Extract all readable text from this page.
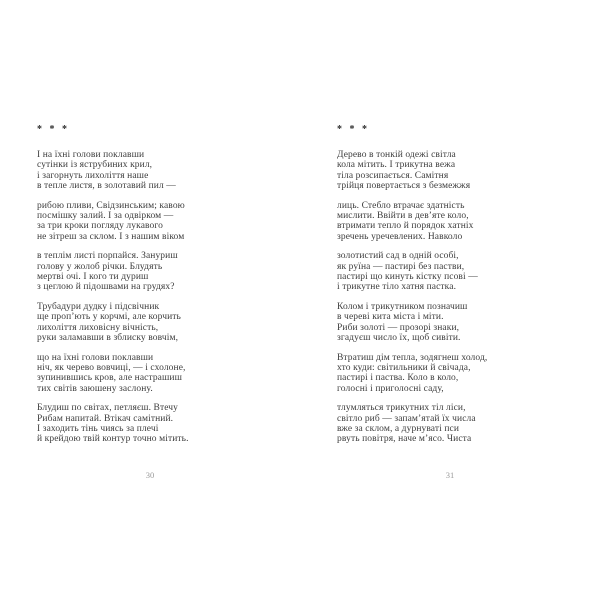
* * *
І на їхні голови поклавши
сутінки із яструбиних крил,
і загорнуть лихоліття наше
в тепле листя, в золотавий пил —
рибою пливи, Свідзинським; кавою
посмішку залий. І за одвірком —
за три кроки погляду лукавого
не зітреш за склом. І з нашим віком
в теплім листі порпайся. Зануриш
голову у жолоб річки. Блудять
мертві очі. І кого ти дуриш
з цеглою й підошвами на грудях?
Трубадури дудку і підсвічник
ще проп’ють у корчмі, але корчить
лихоліття лиховісну вічність,
руки заламавши в зблиску вовчім,
що на їхні голови поклавши
ніч, як черево вовчиці, — і схолоне,
зупинившись кров, але настрашиш
тих світів заюшену заслону.
Блудиш по світах, петляєш. Втечу
Рибам напитай. Втікач самітний.
І заходить тінь чиясь за плечі
й крейдою твій контур точно мітить.
30
* * *
Дерево в тонкій одежі світла
кола мітить. І трикутна вежа
тіла розсипається. Самітня
трійця повертається з безмежжя
лиць. Стебло втрачає здатність
мислити. Ввійти в дев’яте коло,
втримати тепло й порядок хатніх
зречень уречевлених. Навколо
золотистий сад в одній особі,
як руїна — пастирі без пастви,
пастирі що кинуть кістку псові —
і трикутне тіло хатня пастка.
Колом і трикутником позначиш
в череві кита міста і міти.
Риби золоті — прозорі знаки,
згадуєш число їх, щоб сивіти.
Втратиш дім тепла, зодягнеш холод,
хто куди: світильники й свічада,
пастирі і паства. Коло в коло,
голосні і приголосні саду,
тлумляться трикутних тіл ліси,
світло риб — запам’ятай їх числа
вже за склом, а дурнуваті пси
рвуть повітря, наче м’ясо. Чиста
31
